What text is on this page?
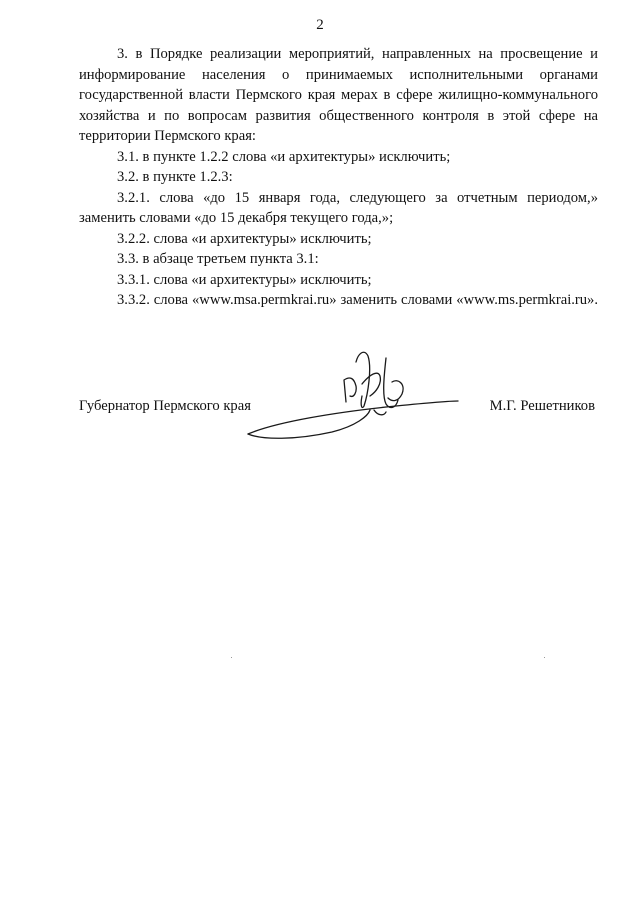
2

3. в Порядке реализации мероприятий, направленных на просвещение и информирование населения о принимаемых исполнительными органами государственной власти Пермского края мерах в сфере жилищно-коммунального хозяйства и по вопросам развития общественного контроля в этой сфере на территории Пермского края:

3.1. в пункте 1.2.2 слова «и архитектуры» исключить;

3.2. в пункте 1.2.3:

3.2.1. слова «до 15 января года, следующего за отчетным периодом,» заменить словами «до 15 декабря текущего года,»;

3.2.2. слова «и архитектуры» исключить;

3.3. в абзаце третьем пункта 3.1:

3.3.1. слова «и архитектуры» исключить;

3.3.2. слова «www.msa.permkrai.ru» заменить словами «www.ms.permkrai.ru».

Губернатор Пермского края	М.Г. Решетников
